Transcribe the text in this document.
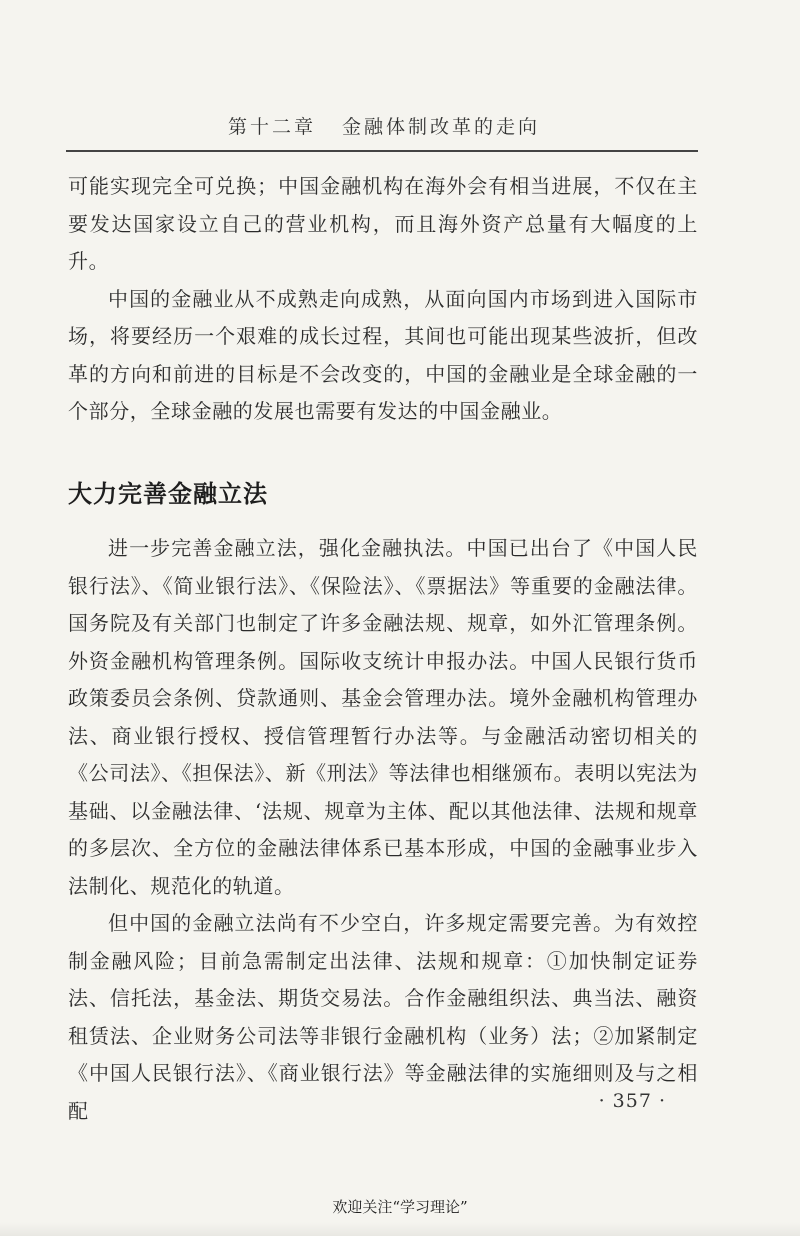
第十二章 金融体制改革的走向

可能实现完全可兑换；中国金融机构在海外会有相当进展，不仅在主要发达国家设立自己的营业机构，而且海外资产总量有大幅度的上升。

中国的金融业从不成熟走向成熟，从面向国内市场到进入国际市场，将要经历一个艰难的成长过程，其间也可能出现某些波折，但改革的方向和前进的目标是不会改变的，中国的金融业是全球金融的一个部分，全球金融的发展也需要有发达的中国金融业。

大力完善金融立法

进一步完善金融立法，强化金融执法。中国已出台了《中国人民银行法》、《简业银行法》、《保险法》、《票据法》等重要的金融法律。国务院及有关部门也制定了许多金融法规、规章，如外汇管理条例。外资金融机构管理条例。国际收支统计申报办法。中国人民银行货币政策委员会条例、贷款通则、基金会管理办法。境外金融机构管理办法、商业银行授权、授信管理暂行办法等。与金融活动密切相关的《公司法》、《担保法》、新《刑法》等法律也相继颁布。表明以宪法为基础、以金融法律、‘法规、规章为主体、配以其他法律、法规和规章的多层次、全方位的金融法律体系已基本形成，中国的金融事业步入法制化、规范化的轨道。

但中国的金融立法尚有不少空白，许多规定需要完善。为有效控制金融风险；目前急需制定出法律、法规和规章：①加快制定证券法、信托法，基金法、期货交易法。合作金融组织法、典当法、融资租赁法、企业财务公司法等非银行金融机构（业务）法；②加紧制定《中国人民银行法》、《商业银行法》等金融法律的实施细则及与之相配	· 357 ·
欢迎关注“学习理论”
